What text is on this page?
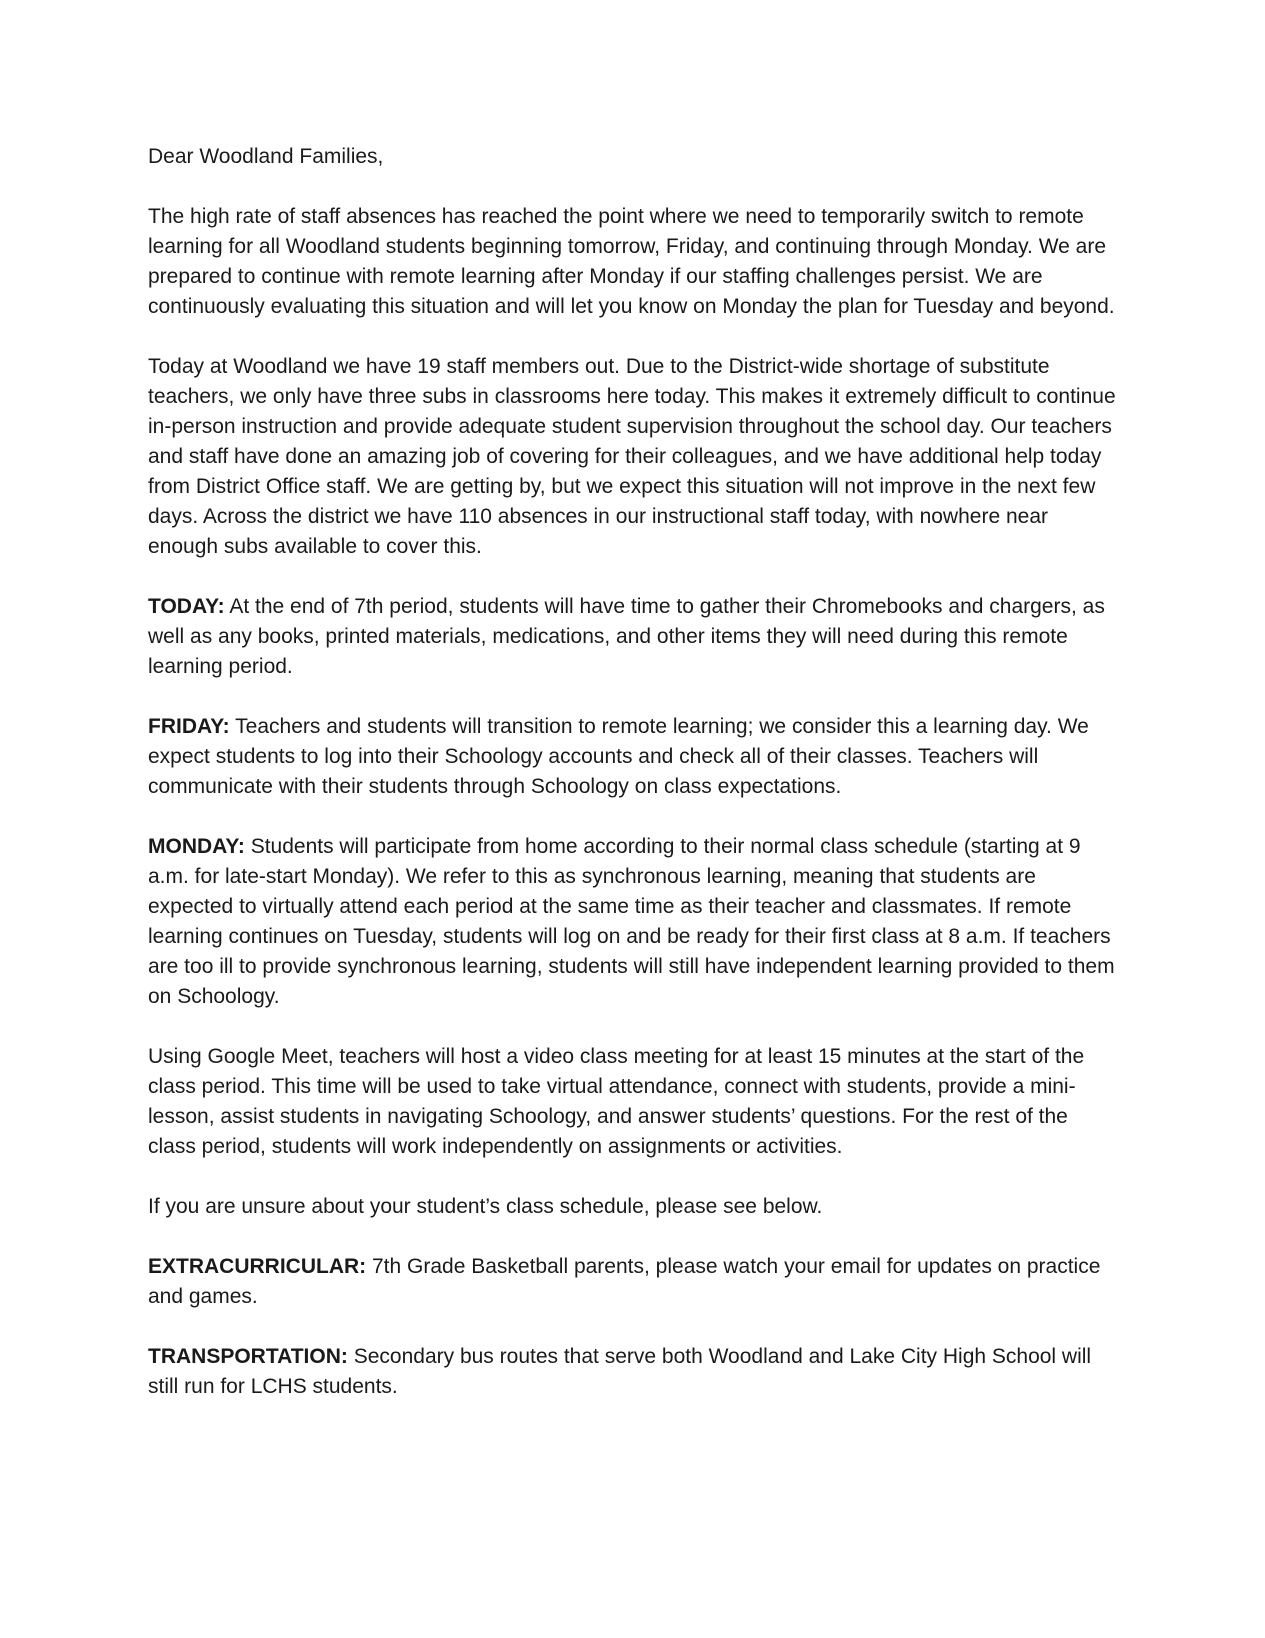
Dear Woodland Families,

The high rate of staff absences has reached the point where we need to temporarily switch to remote learning for all Woodland students beginning tomorrow, Friday, and continuing through Monday. We are prepared to continue with remote learning after Monday if our staffing challenges persist. We are continuously evaluating this situation and will let you know on Monday the plan for Tuesday and beyond.

Today at Woodland we have 19 staff members out. Due to the District-wide shortage of substitute teachers, we only have three subs in classrooms here today. This makes it extremely difficult to continue in-person instruction and provide adequate student supervision throughout the school day. Our teachers and staff have done an amazing job of covering for their colleagues, and we have additional help today from District Office staff. We are getting by, but we expect this situation will not improve in the next few days. Across the district we have 110 absences in our instructional staff today, with nowhere near enough subs available to cover this.

TODAY: At the end of 7th period, students will have time to gather their Chromebooks and chargers, as well as any books, printed materials, medications, and other items they will need during this remote learning period.

FRIDAY: Teachers and students will transition to remote learning; we consider this a learning day. We expect students to log into their Schoology accounts and check all of their classes. Teachers will communicate with their students through Schoology on class expectations.

MONDAY: Students will participate from home according to their normal class schedule (starting at 9 a.m. for late-start Monday). We refer to this as synchronous learning, meaning that students are expected to virtually attend each period at the same time as their teacher and classmates. If remote learning continues on Tuesday, students will log on and be ready for their first class at 8 a.m. If teachers are too ill to provide synchronous learning, students will still have independent learning provided to them on Schoology.

Using Google Meet, teachers will host a video class meeting for at least 15 minutes at the start of the class period. This time will be used to take virtual attendance, connect with students, provide a mini-lesson, assist students in navigating Schoology, and answer students’ questions. For the rest of the class period, students will work independently on assignments or activities.

If you are unsure about your student’s class schedule, please see below.

EXTRACURRICULAR: 7th Grade Basketball parents, please watch your email for updates on practice and games.

TRANSPORTATION: Secondary bus routes that serve both Woodland and Lake City High School will still run for LCHS students.
